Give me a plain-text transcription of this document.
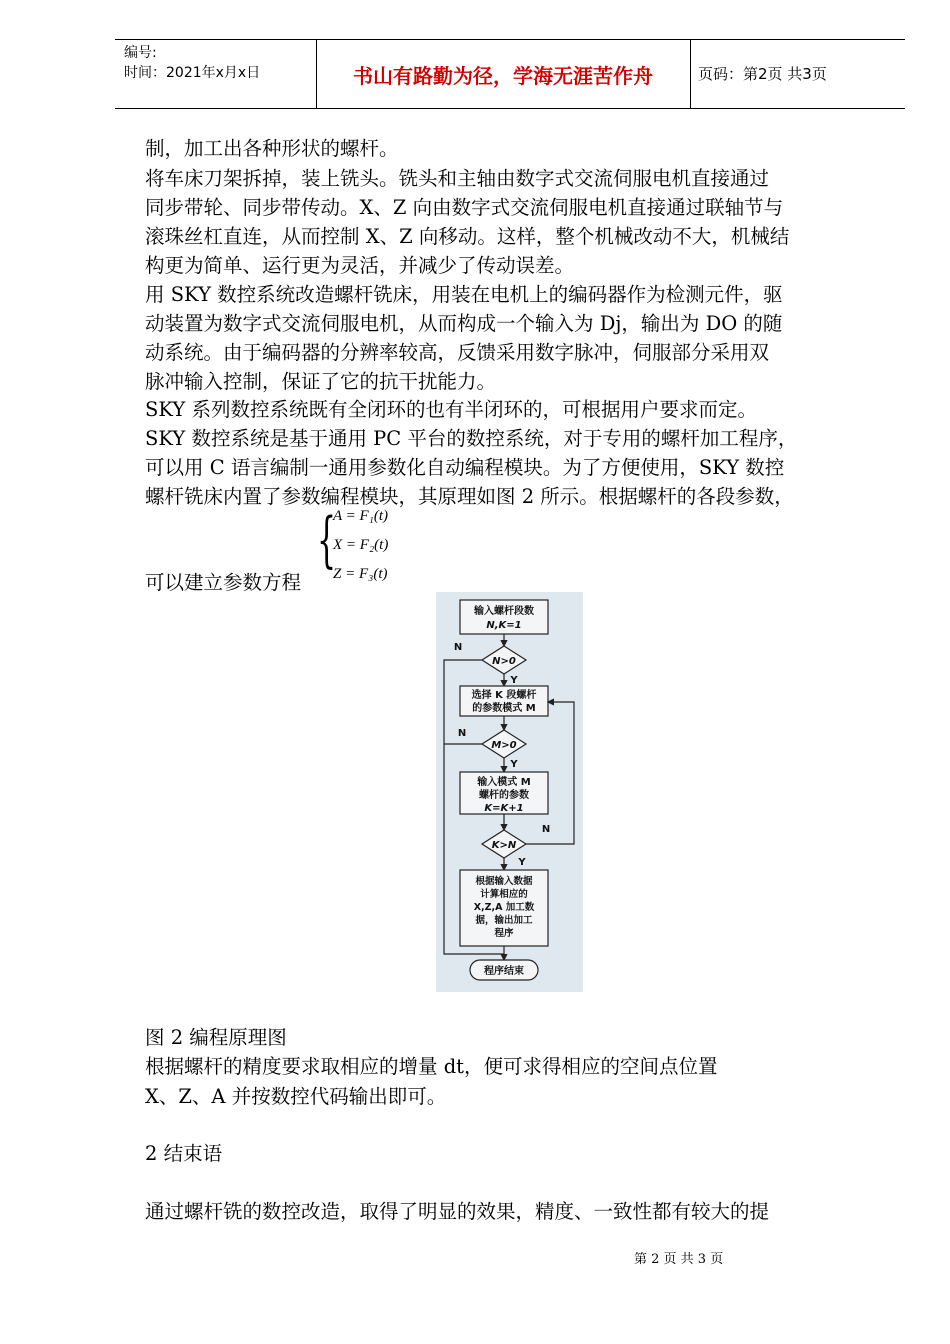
编号:
时间：2021年x月x日	书山有路勤为径，学海无涯苦作舟	页码：第2页 共3页
制，加工出各种形状的螺杆。
将车床刀架拆掉，装上铣头。铣头和主轴由数字式交流伺服电机直接通过
同步带轮、同步带传动。X、Z 向由数字式交流伺服电机直接通过联轴节与
滚珠丝杠直连，从而控制 X、Z 向移动。这样，整个机械改动不大，机械结
构更为简单、运行更为灵活，并减少了传动误差。
用 SKY 数控系统改造螺杆铣床，用装在电机上的编码器作为检测元件，驱
动装置为数字式交流伺服电机，从而构成一个输入为 Dj，输出为 DO 的随
动系统。由于编码器的分辨率较高，反馈采用数字脉冲，伺服部分采用双
脉冲输入控制，保证了它的抗干扰能力。
SKY 系列数控系统既有全闭环的也有半闭环的，可根据用户要求而定。
SKY 数控系统是基于通用 PC 平台的数控系统，对于专用的螺杆加工程序，
可以用 C 语言编制一通用参数化自动编程模块。为了方便使用，SKY 数控
螺杆铣床内置了参数编程模块，其原理如图 2 所示。根据螺杆的各段参数，
可以建立参数方程
{
A = F₁(t)
X = F₂(t)
Z = F₃(t)
输入螺杆段数
N,K=1
N>0
选择 K 段螺杆
的参数模式 M
M>0
输入模式 M
螺杆的参数
K=K+1
K>N
根据输入数据
计算相应的
X,Z,A 加工数
据，输出加工
程序
程序结束
N
Y
N
Y
N
Y
图 2 编程原理图
根据螺杆的精度要求取相应的增量 dt，便可求得相应的空间点位置
X、Z、A 并按数控代码输出即可。
2 结束语
通过螺杆铣的数控改造，取得了明显的效果，精度、一致性都有较大的提
第 2 页 共 3 页
